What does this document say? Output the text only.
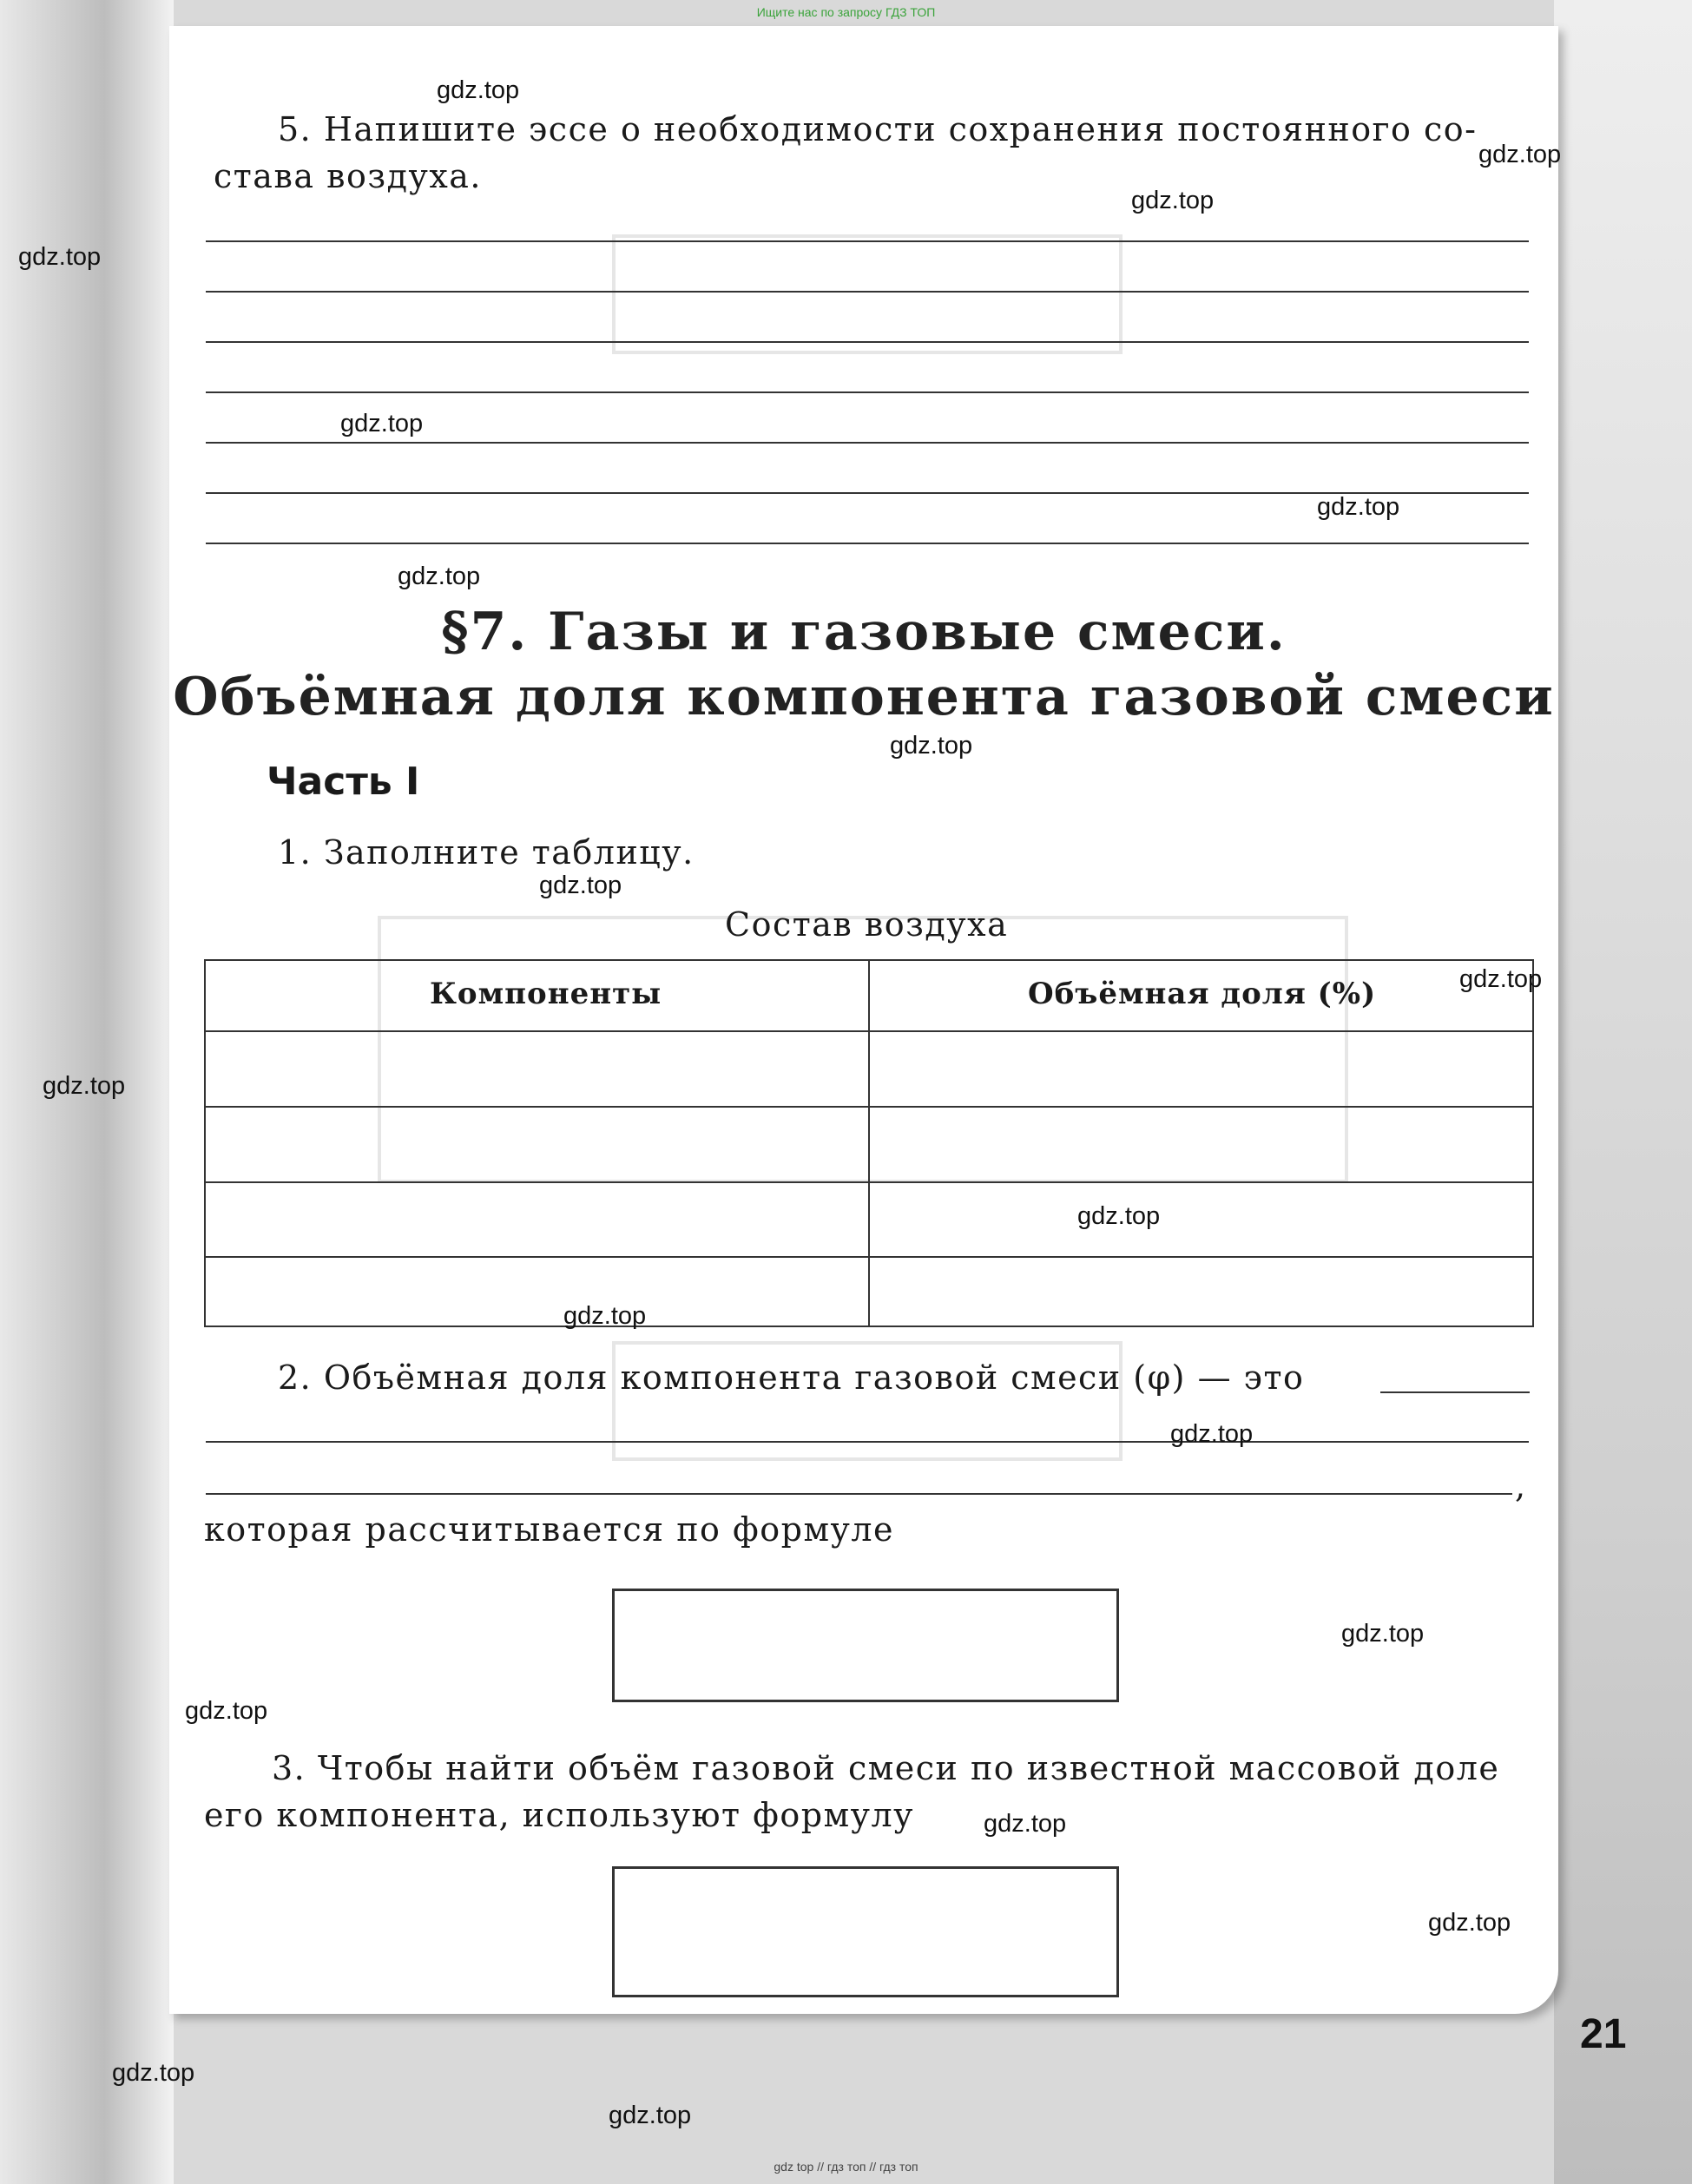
Ищите нас по запросу ГДЗ ТОП
5. Напишите эссе о необходимости сохранения постоянного со-
става воздуха.
§7. Газы и газовые смеси.
Объёмная доля компонента газовой смеси
Часть I
1. Заполните таблицу.
Состав воздуха
Компоненты	Объёмная доля (%)
2. Объёмная доля компонента газовой смеси (φ) — это
,
которая рассчитывается по формуле
3. Чтобы найти объём газовой смеси по известной массовой доле
его компонента, используют формулу
21
gdz.top
gdz.top
gdz.top
gdz.top
gdz.top
gdz.top
gdz.top
gdz.top
gdz.top
gdz.top
gdz.top
gdz.top
gdz.top
gdz.top
gdz.top
gdz.top
gdz.top
gdz.top
gdz.top
gdz.top
gdz top // гдз топ // гдз топ
